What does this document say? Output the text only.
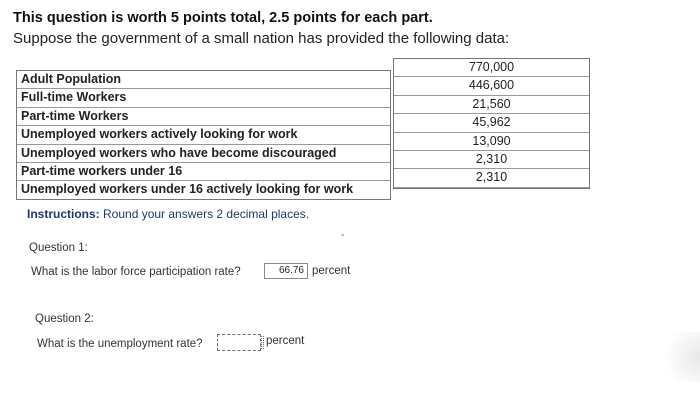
This question is worth 5 points total, 2.5 points for each part.
Suppose the government of a small nation has provided the following data:
Adult Population
Full-time Workers
Part-time Workers
Unemployed workers actively looking for work
Unemployed workers who have become discouraged
Part-time workers under 16
Unemployed workers under 16 actively looking for work
770,000
446,600
21,560
45,962
13,090
2,310
2,310
Instructions: Round your answers 2 decimal places.
▪
Question 1:
What is the labor force participation rate?	66.76 percent
Question 2:
What is the unemployment rate?	percent
